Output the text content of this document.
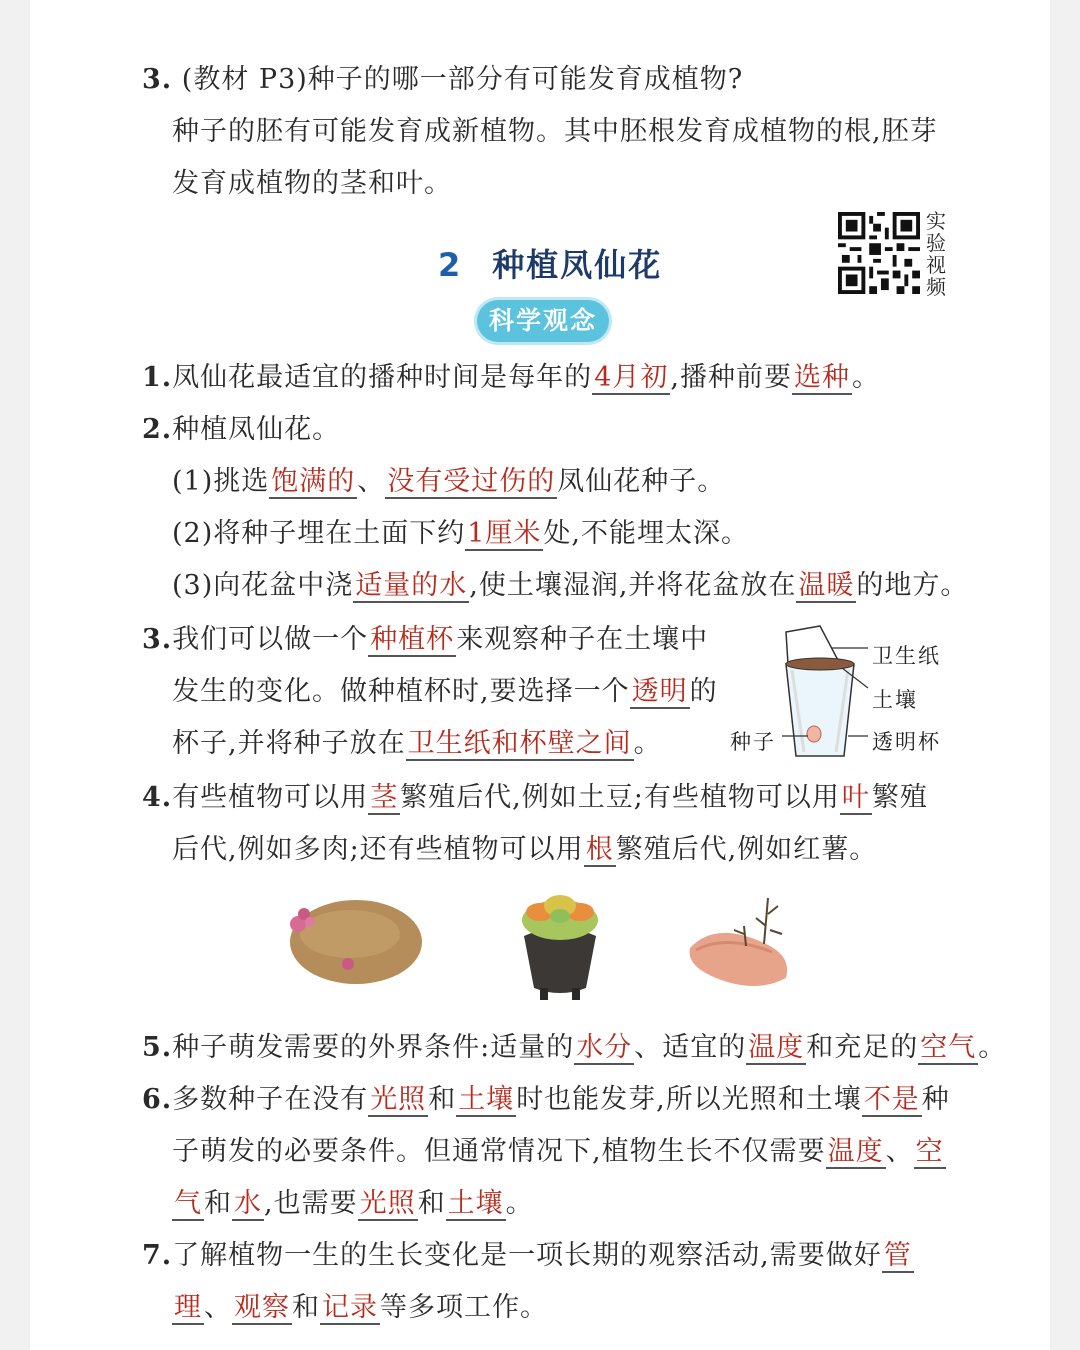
3. (教材 P3)种子的哪一部分有可能发育成植物?
种子的胚有可能发育成新植物。其中胚根发育成植物的根,胚芽
发育成植物的茎和叶。
2 种植凤仙花
科学观念
实验视频
1.凤仙花最适宜的播种时间是每年的4月初,播种前要选种。
2.种植凤仙花。
(1)挑选饱满的、没有受过伤的凤仙花种子。
(2)将种子埋在土面下约1厘米处,不能埋太深。
(3)向花盆中浇适量的水,使土壤湿润,并将花盆放在温暖的地方。
3.我们可以做一个种植杯来观察种子在土壤中
发生的变化。做种植杯时,要选择一个透明的
杯子,并将种子放在卫生纸和杯壁之间。
卫生纸
土壤
透明杯
种子
4.有些植物可以用茎繁殖后代,例如土豆;有些植物可以用叶繁殖
后代,例如多肉;还有些植物可以用根繁殖后代,例如红薯。
5.种子萌发需要的外界条件:适量的水分、适宜的温度和充足的空气。
6.多数种子在没有光照和土壤时也能发芽,所以光照和土壤不是种
子萌发的必要条件。但通常情况下,植物生长不仅需要温度、空
气和水,也需要光照和土壤。
7.了解植物一生的生长变化是一项长期的观察活动,需要做好管
理、观察和记录等多项工作。
